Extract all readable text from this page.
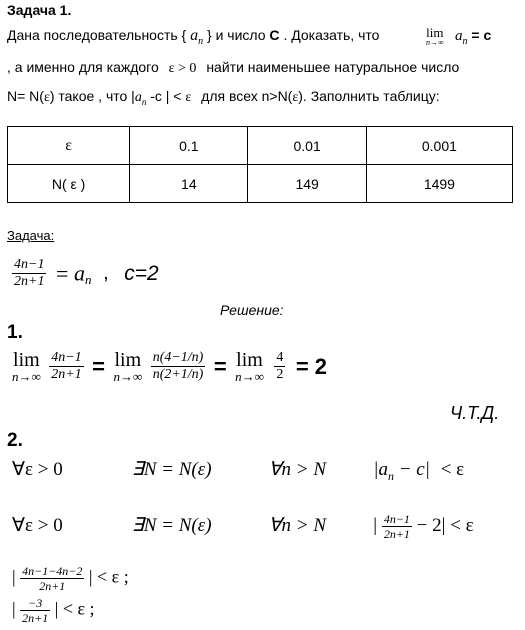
Задача 1.
Дана последовательность { $a_n$ } и число C . Доказать, что	lim
n→∞ $a_n = c$
, а именно для каждого ε > 0 найти наименьшее натуральное число
N= N(ε) такое , что $|a_n$ -c | < ε для всех n>N(ε). Заполнить таблицу:
ε	0.1	0.01	0.001
N( ε )	14	149	1499
Задача:
$\frac{4n-1}{2n+1} = a_n$ , c=2
Решение:
1.
lim
n→∞
$\frac{4n-1}{2n+1} = \lim$
n→∞
$\frac{n(4-1/n)}{n(2+1/n)} = \lim$
n→∞
$\frac{4}{2} = 2$
Ч.Т.Д.
2.
∀ε > 0	∃N = N(ε)	∀n > N $|a_n - c| < \varepsilon$
∀ε > 0	∃N = N(ε)	∀n > N | $\frac{4n-1}{2n+1} - 2| < \varepsilon$
| $\frac{4n-1-4n-2}{2n+1}$ | < ε ;
| $\frac{-3}{2n+1}$ | < ε ;
